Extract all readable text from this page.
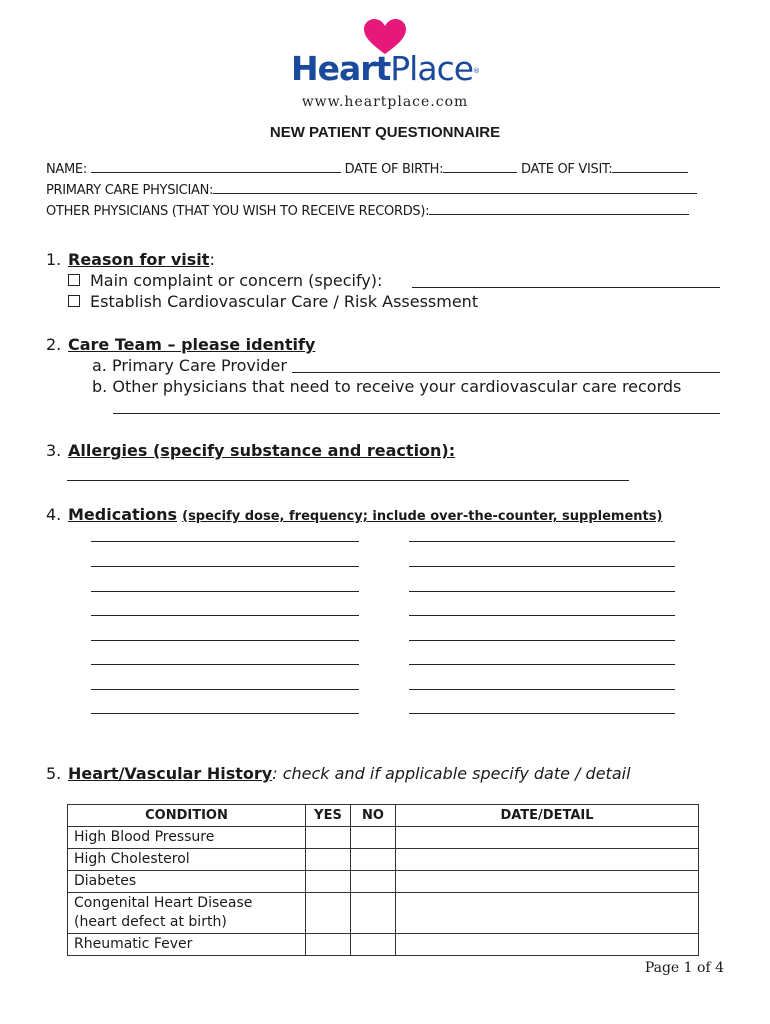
HeartPlace®
www.heartplace.com
NEW PATIENT QUESTIONNAIRE
NAME:	DATE OF BIRTH:	DATE OF VISIT:
PRIMARY CARE PHYSICIAN:
OTHER PHYSICIANS (THAT YOU WISH TO RECEIVE RECORDS):
1. Reason for visit:
Main complaint or concern (specify):
Establish Cardiovascular Care / Risk Assessment
2. Care Team – please identify
a. Primary Care Provider
b. Other physicians that need to receive your cardiovascular care records
3. Allergies (specify substance and reaction):
4. Medications (specify dose, frequency; include over-the-counter, supplements)
5. Heart/Vascular History: check and if applicable specify date / detail
CONDITION	YES	NO	DATE/DETAIL
High Blood Pressure			
High Cholesterol			
Diabetes			

Congenital Heart Disease
(heart defect at birth)			

Rheumatic Fever			
Page 1 of 4
